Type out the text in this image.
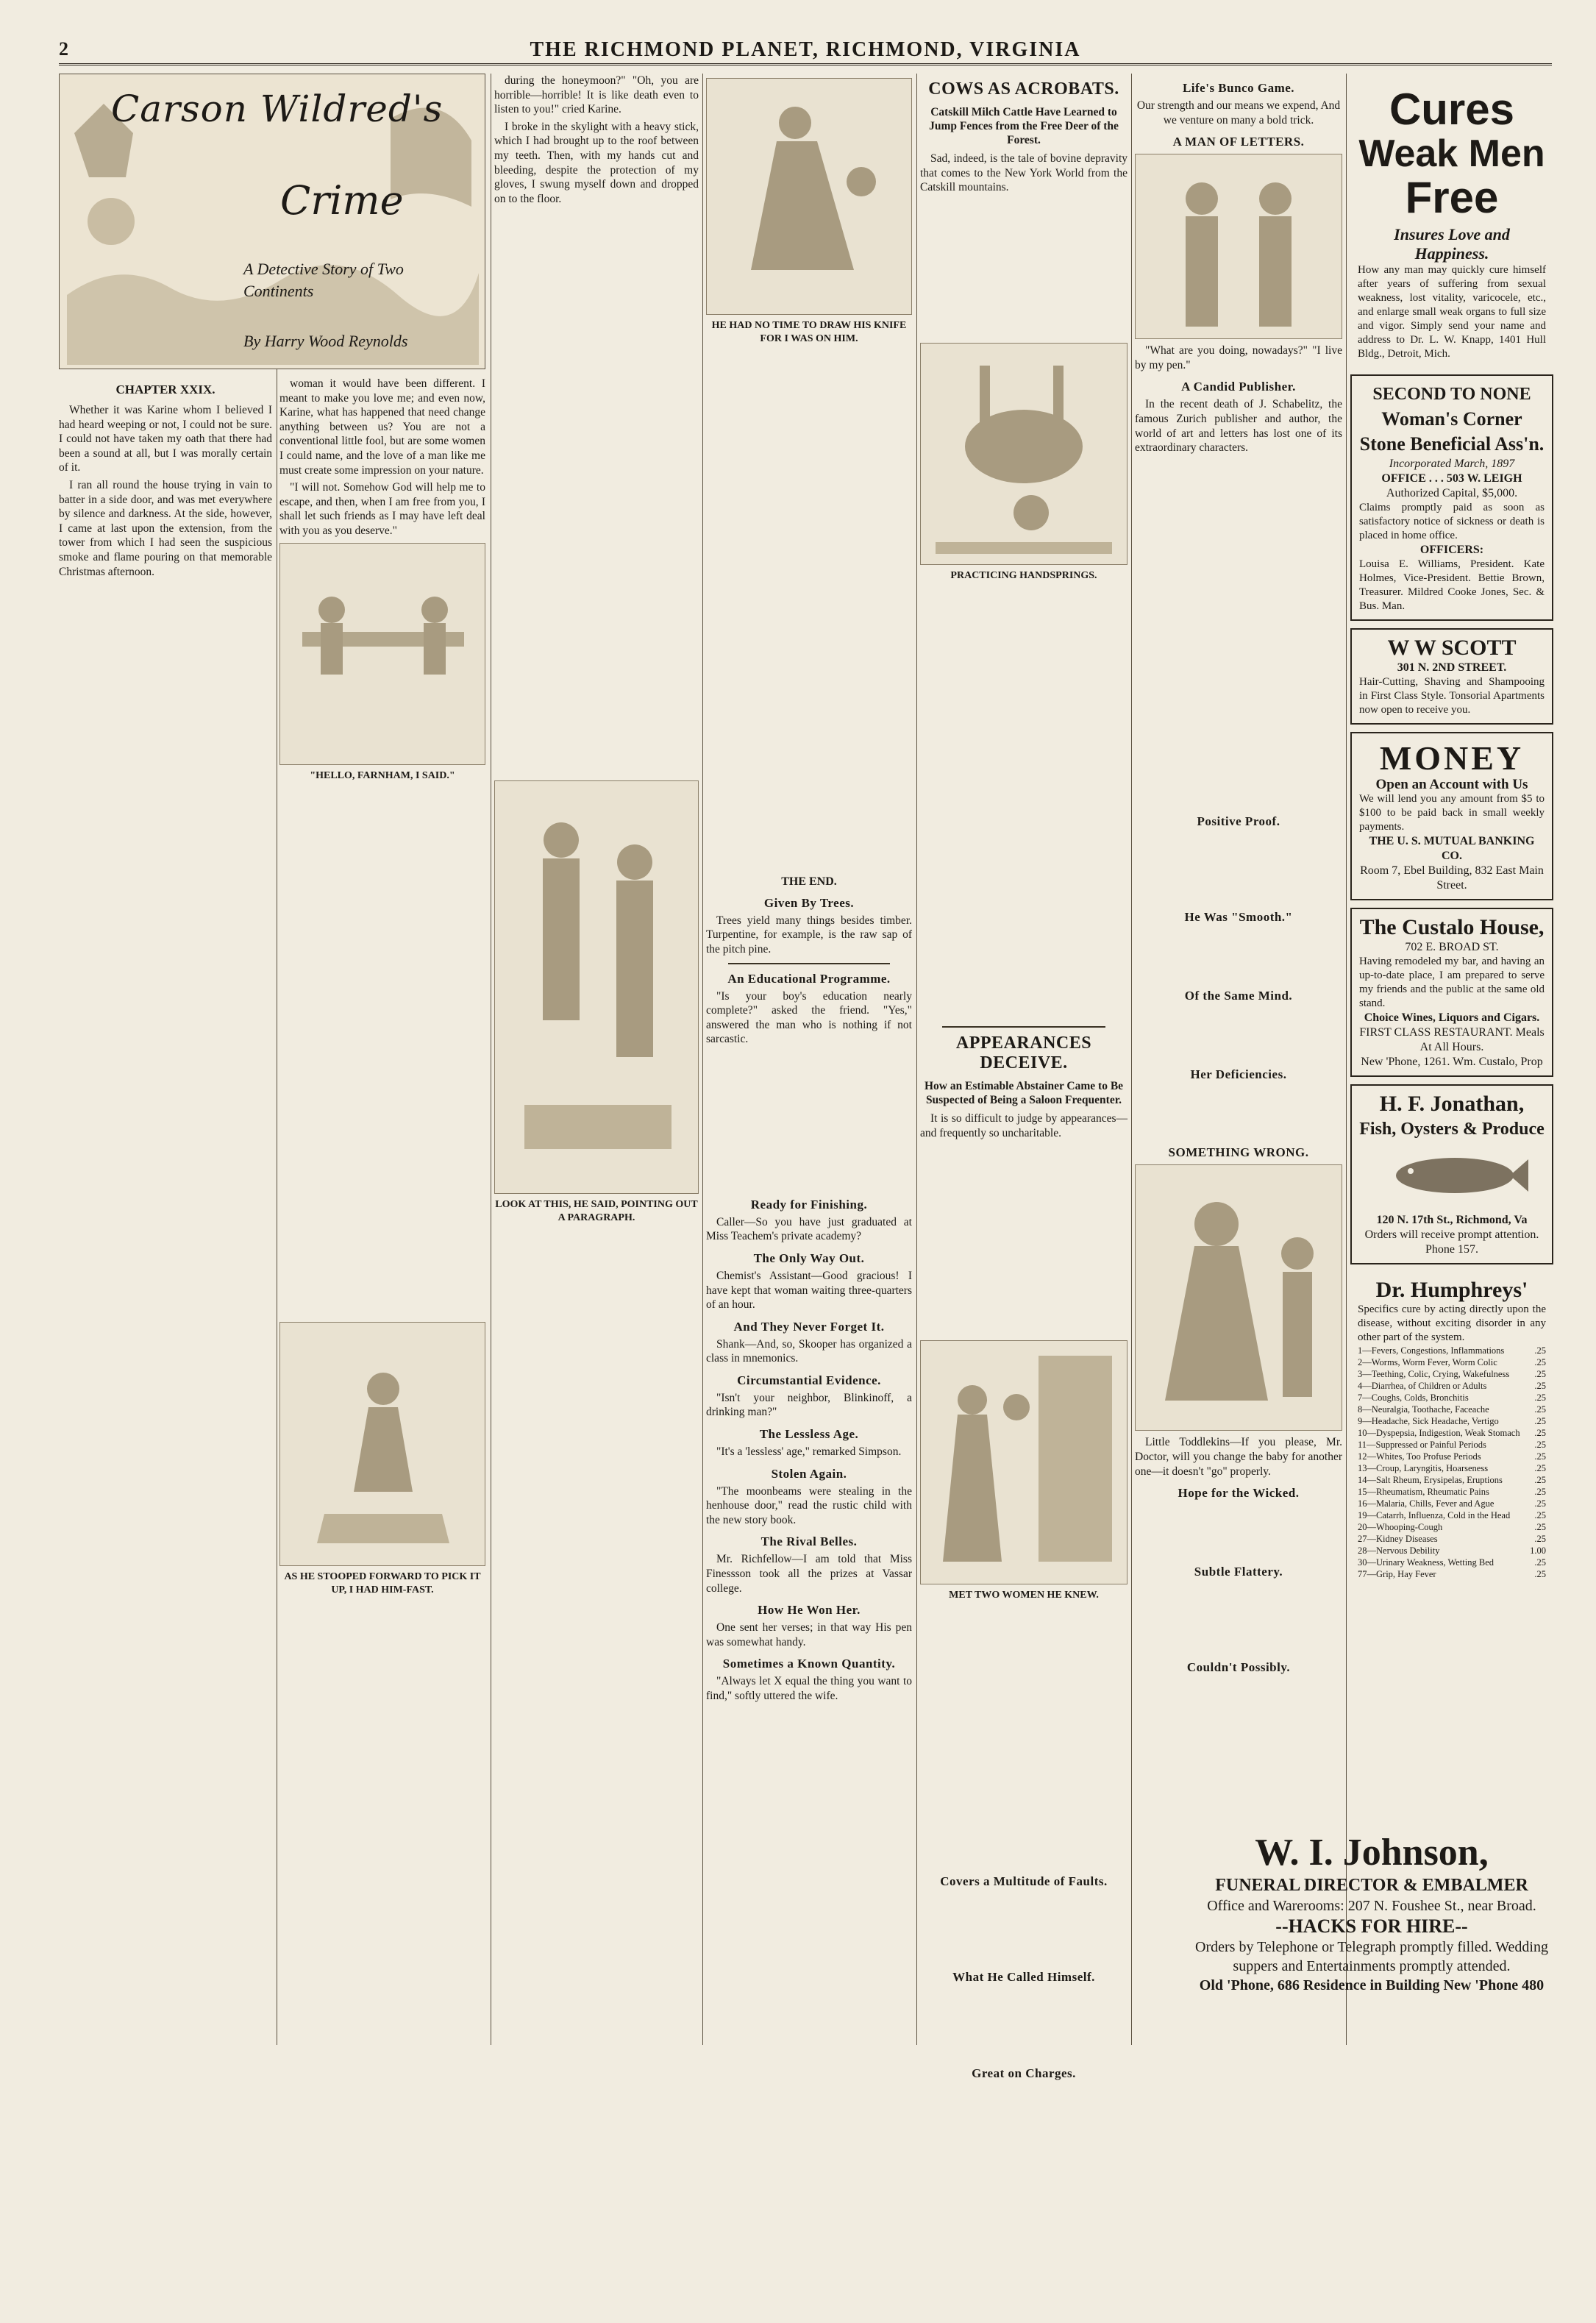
2	THE RICHMOND PLANET, RICHMOND, VIRGINIA
Carson Wildred's
Crime
A Detective Story of Two Continents
By Harry Wood Reynolds
CHAPTER XXIX.

Whether it was Karine whom I believed I had heard weeping or not, I could not be sure. I could not have taken my oath that there had been a sound at all, but I was morally certain of it.

I ran all round the house trying in vain to batter in a side door, and was met everywhere by silence and darkness. At the side, however, I came at last upon the extension, from the tower from which I had seen the suspicious smoke and flame pouring on that memorable Christmas afternoon.

woman it would have been different. I meant to make you love me; and even now, Karine, what has happened that need change anything between us? You are not a conventional little fool, but are some women I could name, and the love of a man like me must create some impression on your nature.

"I will not. Somehow God will help me to escape, and then, when I am free from you, I shall let such friends as I may have left deal with you as you deserve."

"HELLO, FARNHAM, I SAID."

AS HE STOOPED FORWARD TO PICK IT UP, I HAD HIM-FAST.

during the honeymoon?" "Oh, you are horrible—horrible! It is like death even to listen to you!" cried Karine.

I broke in the skylight with a heavy stick, which I had brought up to the roof between my teeth. Then, with my hands cut and bleeding, despite the protection of my gloves, I swung myself down and dropped on to the floor.

LOOK AT THIS, HE SAID, POINTING OUT A PARAGRAPH.

HE HAD NO TIME TO DRAW HIS KNIFE FOR I WAS ON HIM.

THE END.
Given By Trees.

Trees yield many things besides timber. Turpentine, for example, is the raw sap of the pitch pine.

An Educational Programme.

"Is your boy's education nearly complete?" asked the friend. "Yes," answered the man who is nothing if not sarcastic.

Ready for Finishing.

Caller—So you have just graduated at Miss Teachem's private academy?

The Only Way Out.

Chemist's Assistant—Good gracious! I have kept that woman waiting three-quarters of an hour.

And They Never Forget It.

Shank—And, so, Skooper has organized a class in mnemonics.

Circumstantial Evidence.

"Isn't your neighbor, Blinkinoff, a drinking man?"

The Lessless Age.

"It's a 'lessless' age," remarked Simpson.

Stolen Again.

"The moonbeams were stealing in the henhouse door," read the rustic child with the new story book.

The Rival Belles.

Mr. Richfellow—I am told that Miss Finessson took all the prizes at Vassar college.

How He Won Her.

One sent her verses; in that way His pen was somewhat handy.

Sometimes a Known Quantity.

"Always let X equal the thing you want to find," softly uttered the wife.

COWS AS ACROBATS.
Catskill Milch Cattle Have Learned to Jump Fences from the Free Deer of the Forest.

Sad, indeed, is the tale of bovine depravity that comes to the New York World from the Catskill mountains.

PRACTICING HANDSPRINGS.

APPEARANCES DECEIVE.
How an Estimable Abstainer Came to Be Suspected of Being a Saloon Frequenter.

It is so difficult to judge by appearances—and frequently so uncharitable.

MET TWO WOMEN HE KNEW.

Covers a Multitude of Faults.

What He Called Himself.

Great on Charges.
Life's Bunco Game.

Our strength and our means we expend, And we venture on many a bold trick.

A MAN OF LETTERS.

"What are you doing, nowadays?" "I live by my pen."

A Candid Publisher.

In the recent death of J. Schabelitz, the famous Zurich publisher and author, the world of art and letters has lost one of its extraordinary characters.

Positive Proof.

He Was "Smooth."

Of the Same Mind.

Her Deficiencies.

SOMETHING WRONG.

Little Toddlekins—If you please, Mr. Doctor, will you change the baby for another one—it doesn't "go" properly.

Hope for the Wicked.

Subtle Flattery.

Couldn't Possibly.
Cures
Weak Men
Free
Insures Love and Happiness.
How any man may quickly cure himself after years of suffering from sexual weakness, lost vitality, varicocele, etc., and enlarge small weak organs to full size and vigor. Simply send your name and address to Dr. L. W. Knapp, 1401 Hull Bldg., Detroit, Mich.
SECOND TO NONE
Woman's Corner Stone Beneficial Ass'n.
Incorporated March, 1897
OFFICE . . . 503 W. LEIGH
Authorized Capital, $5,000.
Claims promptly paid as soon as satisfactory notice of sickness or death is placed in home office.
OFFICERS:
Louisa E. Williams, President. Kate Holmes, Vice-President. Bettie Brown, Treasurer. Mildred Cooke Jones, Sec. & Bus. Man.
W W SCOTT
301 N. 2ND STREET.
Hair-Cutting, Shaving and Shampooing in First Class Style. Tonsorial Apartments now open to receive you.
MONEY
Open an Account with Us
We will lend you any amount from $5 to $100 to be paid back in small weekly payments.
THE U. S. MUTUAL BANKING CO.
Room 7, Ebel Building, 832 East Main Street.
The Custalo House,
702 E. BROAD ST.
Having remodeled my bar, and having an up-to-date place, I am prepared to serve my friends and the public at the same old stand.
Choice Wines, Liquors and Cigars.
FIRST CLASS RESTAURANT. Meals At All Hours.
New 'Phone, 1261. Wm. Custalo, Prop
H. F. Jonathan,
Fish, Oysters & Produce
120 N. 17th St., Richmond, Va
Orders will receive prompt attention. Phone 157.
Dr. Humphreys'
Specifics cure by acting directly upon the disease, without exciting disorder in any other part of the system.
1—Fevers, Congestions, Inflammations	.25
2—Worms, Worm Fever, Worm Colic	.25
3—Teething, Colic, Crying, Wakefulness	.25
4—Diarrhea, of Children or Adults	.25
7—Coughs, Colds, Bronchitis	.25
8—Neuralgia, Toothache, Faceache	.25
9—Headache, Sick Headache, Vertigo	.25
10—Dyspepsia, Indigestion, Weak Stomach .25
11—Suppressed or Painful Periods	.25
12—Whites, Too Profuse Periods	.25
13—Croup, Laryngitis, Hoarseness	.25
14—Salt Rheum, Erysipelas, Eruptions	.25
15—Rheumatism, Rheumatic Pains	.25
16—Malaria, Chills, Fever and Ague	.25
19—Catarrh, Influenza, Cold in the Head	.25
20—Whooping-Cough	.25
27—Kidney Diseases	.25
28—Nervous Debility	1.00
30—Urinary Weakness, Wetting Bed	.25
77—Grip, Hay Fever	.25
W. I. Johnson,
FUNERAL DIRECTOR & EMBALMER
Office and Warerooms: 207 N. Foushee St., near Broad.
--HACKS FOR HIRE--
Orders by Telephone or Telegraph promptly filled. Wedding suppers and Entertainments promptly attended.
Old 'Phone, 686 Residence in Building New 'Phone 480
